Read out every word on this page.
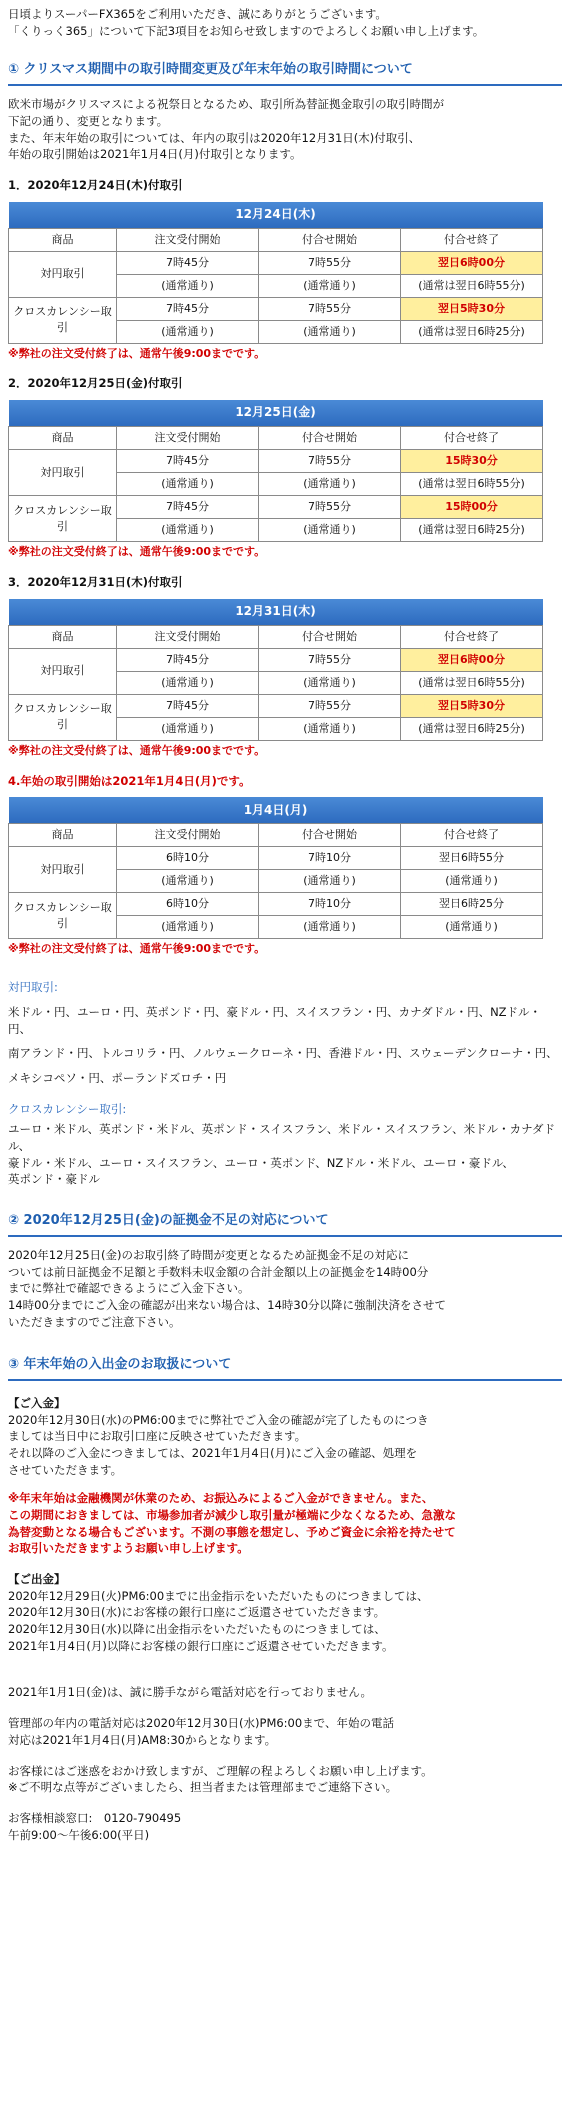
日頃よりスーパーFX365をご利用いただき、誠にありがとうございます。

「くりっく365」について下記3項目をお知らせ致しますのでよろしくお願い申し上げます。

① クリスマス期間中の取引時間変更及び年末年始の取引時間について

欧米市場がクリスマスによる祝祭日となるため、取引所為替証拠金取引の取引時間が

下記の通り、変更となります。

また、年末年始の取引については、年内の取引は2020年12月31日(木)付取引、

年始の取引開始は2021年1月4日(月)付取引となります。

1．2020年12月24日(木)付取引
12月24日(木)			
商品	注文受付開始	付合せ開始	付合せ終了
対円取引	7時45分	7時55分	翌日6時00分
	(通常通り)	(通常通り)	(通常は翌日6時55分)
クロスカレンシー取引	7時45分	7時55分	翌日5時30分
	(通常通り)	(通常通り)	(通常は翌日6時25分)
※弊社の注文受付終了は、通常午後9:00までです。
2．2020年12月25日(金)付取引
12月25日(金)			
商品	注文受付開始	付合せ開始	付合せ終了
対円取引	7時45分	7時55分	15時30分
	(通常通り)	(通常通り)	(通常は翌日6時55分)
クロスカレンシー取引	7時45分	7時55分	15時00分
	(通常通り)	(通常通り)	(通常は翌日6時25分)
※弊社の注文受付終了は、通常午後9:00までです。
3．2020年12月31日(木)付取引
12月31日(木)			
商品	注文受付開始	付合せ開始	付合せ終了
対円取引	7時45分	7時55分	翌日6時00分
	(通常通り)	(通常通り)	(通常は翌日6時55分)
クロスカレンシー取引	7時45分	7時55分	翌日5時30分
	(通常通り)	(通常通り)	(通常は翌日6時25分)
※弊社の注文受付終了は、通常午後9:00までです。
4.年始の取引開始は2021年1月4日(月)です。
1月4日(月)			
商品	注文受付開始	付合せ開始	付合せ終了
対円取引	6時10分	7時10分	翌日6時55分
	(通常通り)	(通常通り)	(通常通り)
クロスカレンシー取引	6時10分	7時10分	翌日6時25分
	(通常通り)	(通常通り)	(通常通り)
※弊社の注文受付終了は、通常午後9:00までです。
対円取引:

米ドル・円、ユーロ・円、英ポンド・円、豪ドル・円、スイスフラン・円、カナダドル・円、NZドル・円、

南アランド・円、トルコリラ・円、ノルウェークローネ・円、香港ドル・円、スウェーデンクローナ・円、

メキシコペソ・円、ポーランドズロチ・円

クロスカレンシー取引:

ユーロ・米ドル、英ポンド・米ドル、英ポンド・スイスフラン、米ドル・スイスフラン、米ドル・カナダドル、

豪ドル・米ドル、ユーロ・スイスフラン、ユーロ・英ポンド、NZドル・米ドル、ユーロ・豪ドル、

英ポンド・豪ドル

② 2020年12月25日(金)の証拠金不足の対応について

2020年12月25日(金)のお取引終了時間が変更となるため証拠金不足の対応に

ついては前日証拠金不足額と手数料未収金額の合計金額以上の証拠金を14時00分

までに弊社で確認できるようにご入金下さい。

14時00分までにご入金の確認が出来ない場合は、14時30分以降に強制決済をさせて

いただきますのでご注意下さい。

③ 年末年始の入出金のお取扱について

【ご入金】

2020年12月30日(水)のPM6:00までに弊社でご入金の確認が完了したものにつき

ましては当日中にお取引口座に反映させていただきます。

それ以降のご入金につきましては、2021年1月4日(月)にご入金の確認、処理を

させていただきます。

※年末年始は金融機関が休業のため、お振込みによるご入金ができません。また、

この期間におきましては、市場参加者が減少し取引量が極端に少なくなるため、急激な

為替変動となる場合もございます。不測の事態を想定し、予めご資金に余裕を持たせて

お取引いただきますようお願い申し上げます。

【ご出金】

2020年12月29日(火)PM6:00までに出金指示をいただいたものにつきましては、

2020年12月30日(水)にお客様の銀行口座にご返還させていただきます。

2020年12月30日(水)以降に出金指示をいただいたものにつきましては、

2021年1月4日(月)以降にお客様の銀行口座にご返還させていただきます。

2021年1月1日(金)は、誠に勝手ながら電話対応を行っておりません。

管理部の年内の電話対応は2020年12月30日(水)PM6:00まで、年始の電話

対応は2021年1月4日(月)AM8:30からとなります。

お客様にはご迷惑をおかけ致しますが、ご理解の程よろしくお願い申し上げます。

※ご不明な点等がございましたら、担当者または管理部までご連絡下さい。

お客様相談窓口:　0120-790495

午前9:00～午後6:00(平日)
